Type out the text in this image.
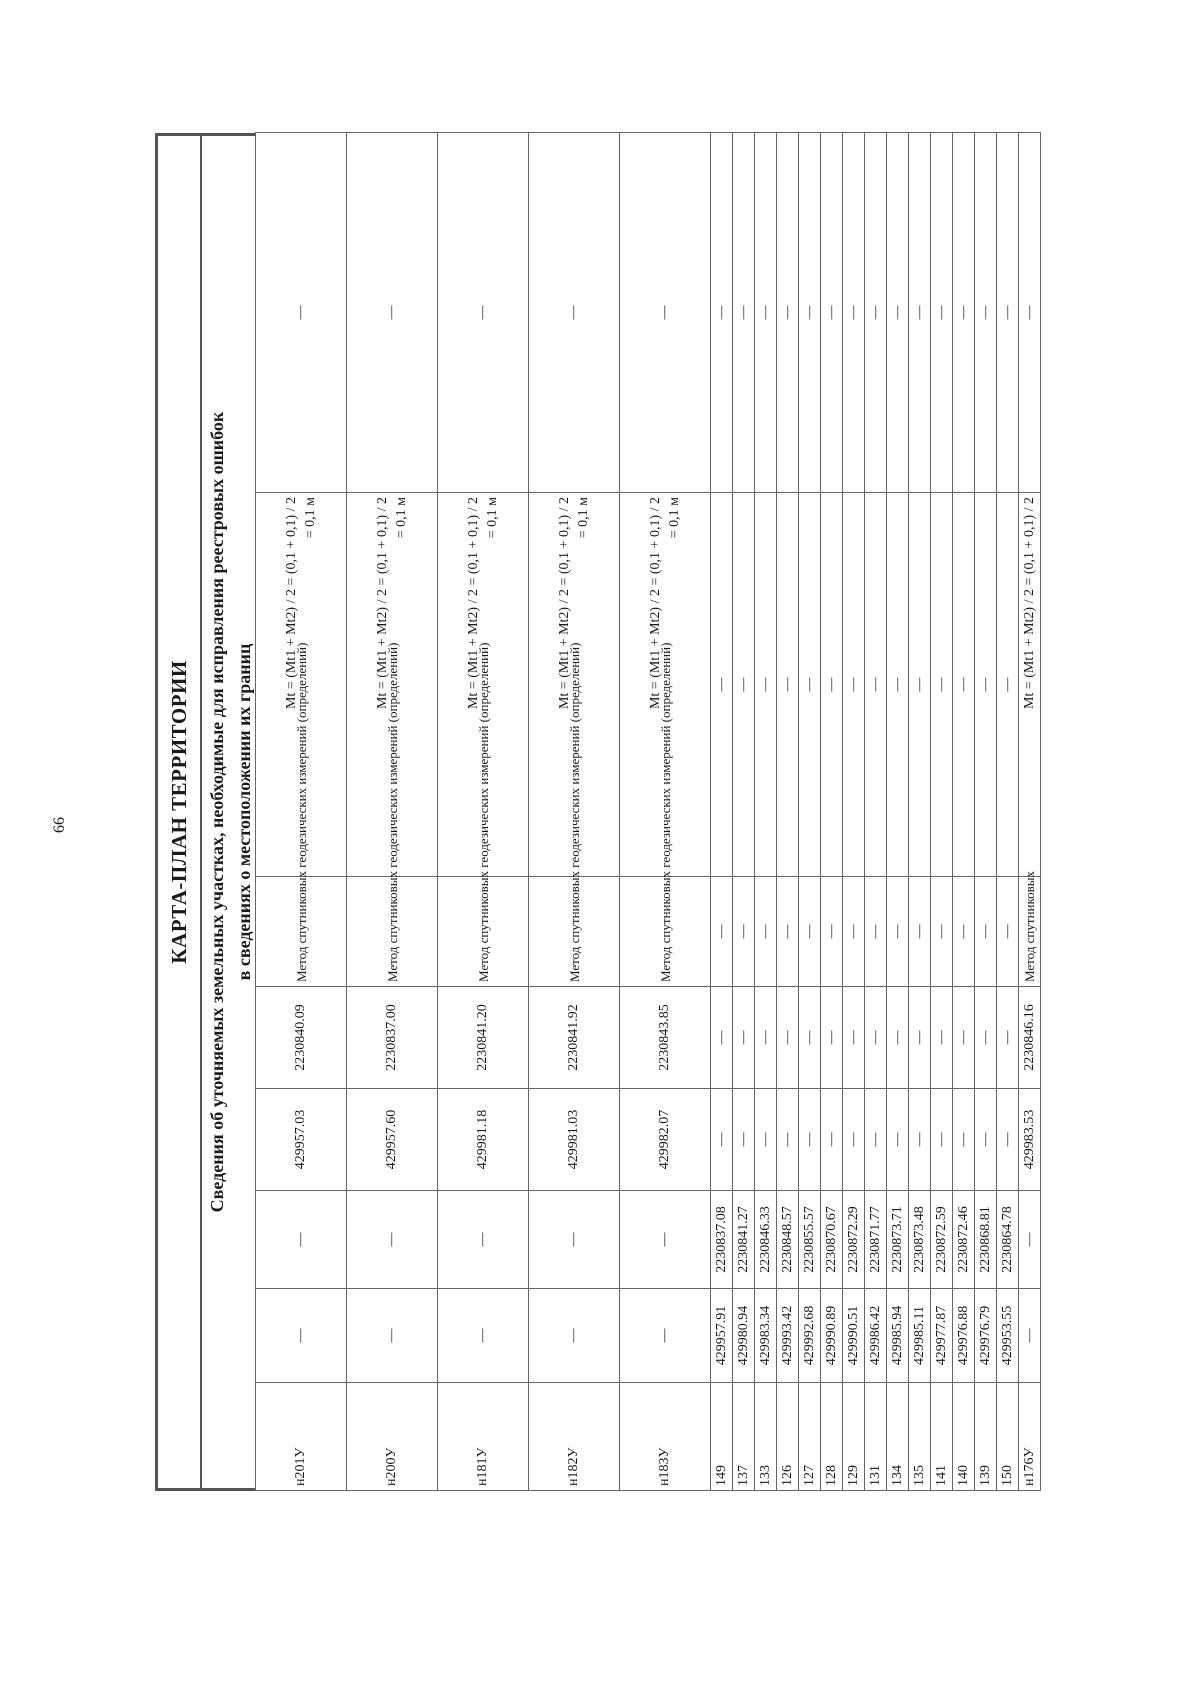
66	КАРТА-ПЛАН ТЕРРИТОРИИ Сведения об уточняемых земельных участках, необходимые для исправления реестровых ошибок в сведениях о местоположении их границ
н201У	—	—	429957.03	2230840.09	Метод спутниковых геодезических измерений (определений)	Mt = (Mt1 + Mt2) / 2 = (0,1 + 0,1) / 2 = 0,1 м	—
н200У	—	—	429957.60	2230837.00	Метод спутниковых геодезических измерений (определений)	Mt = (Mt1 + Mt2) / 2 = (0,1 + 0,1) / 2 = 0,1 м	—
н181У	—	—	429981.18	2230841.20	Метод спутниковых геодезических измерений (определений)	Mt = (Mt1 + Mt2) / 2 = (0,1 + 0,1) / 2 = 0,1 м	—
н182У	—	—	429981.03	2230841.92	Метод спутниковых геодезических измерений (определений)	Mt = (Mt1 + Mt2) / 2 = (0,1 + 0,1) / 2 = 0,1 м	—
н183У	—	—	429982.07	2230843.85	Метод спутниковых геодезических измерений (определений)	Mt = (Mt1 + Mt2) / 2 = (0,1 + 0,1) / 2 = 0,1 м	—
149	429957.91	2230837.08	—	—	—	—	—
137	429980.94	2230841.27	—	—	—	—	—
133	429983.34	2230846.33	—	—	—	—	—
126	429993.42	2230848.57	—	—	—	—	—
127	429992.68	2230855.57	—	—	—	—	—
128	429990.89	2230870.67	—	—	—	—	—
129	429990.51	2230872.29	—	—	—	—	—
131	429986.42	2230871.77	—	—	—	—	—
134	429985.94	2230873.71	—	—	—	—	—
135	429985.11	2230873.48	—	—	—	—	—
141	429977.87	2230872.59	—	—	—	—	—
140	429976.88	2230872.46	—	—	—	—	—
139	429976.79	2230868.81	—	—	—	—	—
150	429953.55	2230864.78	—	—	—	—	—
н176У	—	—	429983.53	2230846.16	Метод спутниковых	Mt = (Mt1 + Mt2) / 2 = (0,1 + 0,1) / 2	—
